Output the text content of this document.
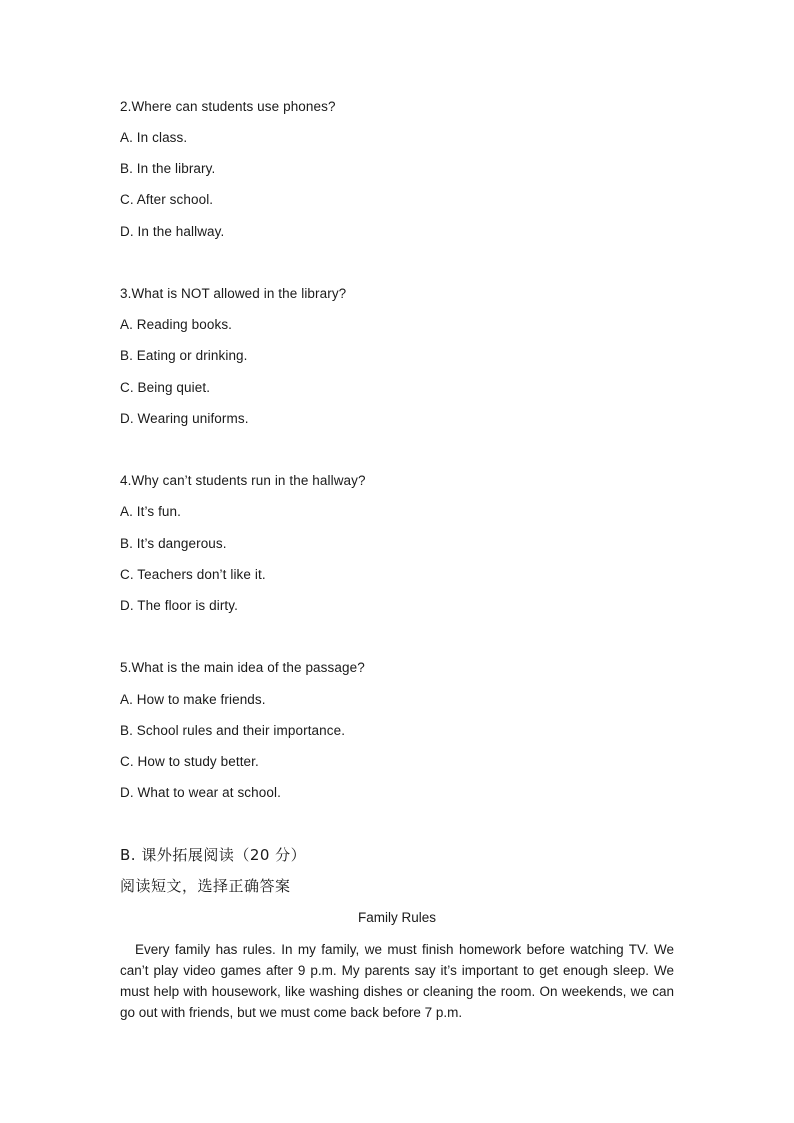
2.Where can students use phones?
A. In class.
B. In the library.
C. After school.
D. In the hallway.
3.What is NOT allowed in the library?
A. Reading books.
B. Eating or drinking.
C. Being quiet.
D. Wearing uniforms.
4.Why can’t students run in the hallway?
A. It’s fun.
B. It’s dangerous.
C. Teachers don’t like it.
D. The floor is dirty.
5.What is the main idea of the passage?
A. How to make friends.
B. School rules and their importance.
C. How to study better.
D. What to wear at school.
B. 课外拓展阅读（20 分）
阅读短文，选择正确答案
Family Rules

Every family has rules. In my family, we must finish homework before watching TV. We can’t play video games after 9 p.m. My parents say it’s important to get enough sleep. We must help with housework, like washing dishes or cleaning the room. On weekends, we can go out with friends, but we must come back before 7 p.m.
